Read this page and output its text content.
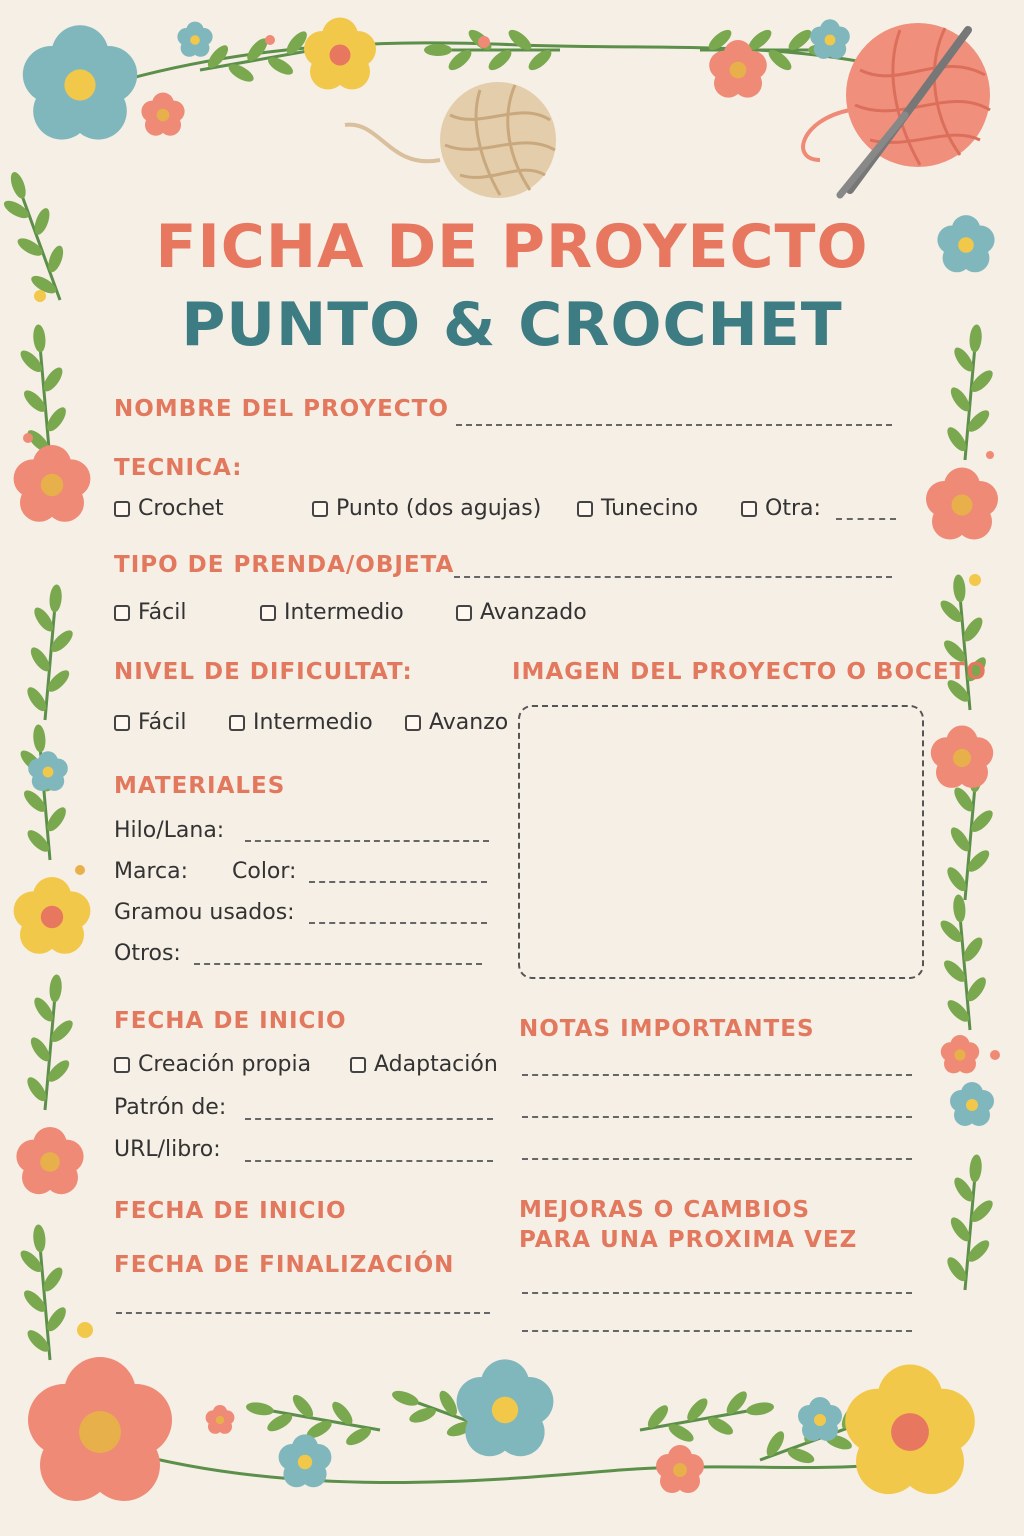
FICHA DE PROYECTO
PUNTO & CROCHET
NOMBRE DEL PROYECTO
TECNICA:
Crochet	Punto (dos agujas)	Tunecino	Otra:
TIPO DE PRENDA/OBJETA
Fácil	Intermedio	Avanzado
NIVEL DE DIFICULTAT:
Fácil	Intermedio	Avanzo
IMAGEN DEL PROYECTO O BOCETO
MATERIALES
Hilo/Lana:
Marca: Color:
Gramou usados:
Otros:
FECHA DE INICIO
Creación propia	Adaptación
Patrón de:
URL/libro:
NOTAS IMPORTANTES
FECHA DE INICIO
FECHA DE FINALIZACIÓN
MEJORAS O CAMBIOS
PARA UNA PROXIMA VEZ
